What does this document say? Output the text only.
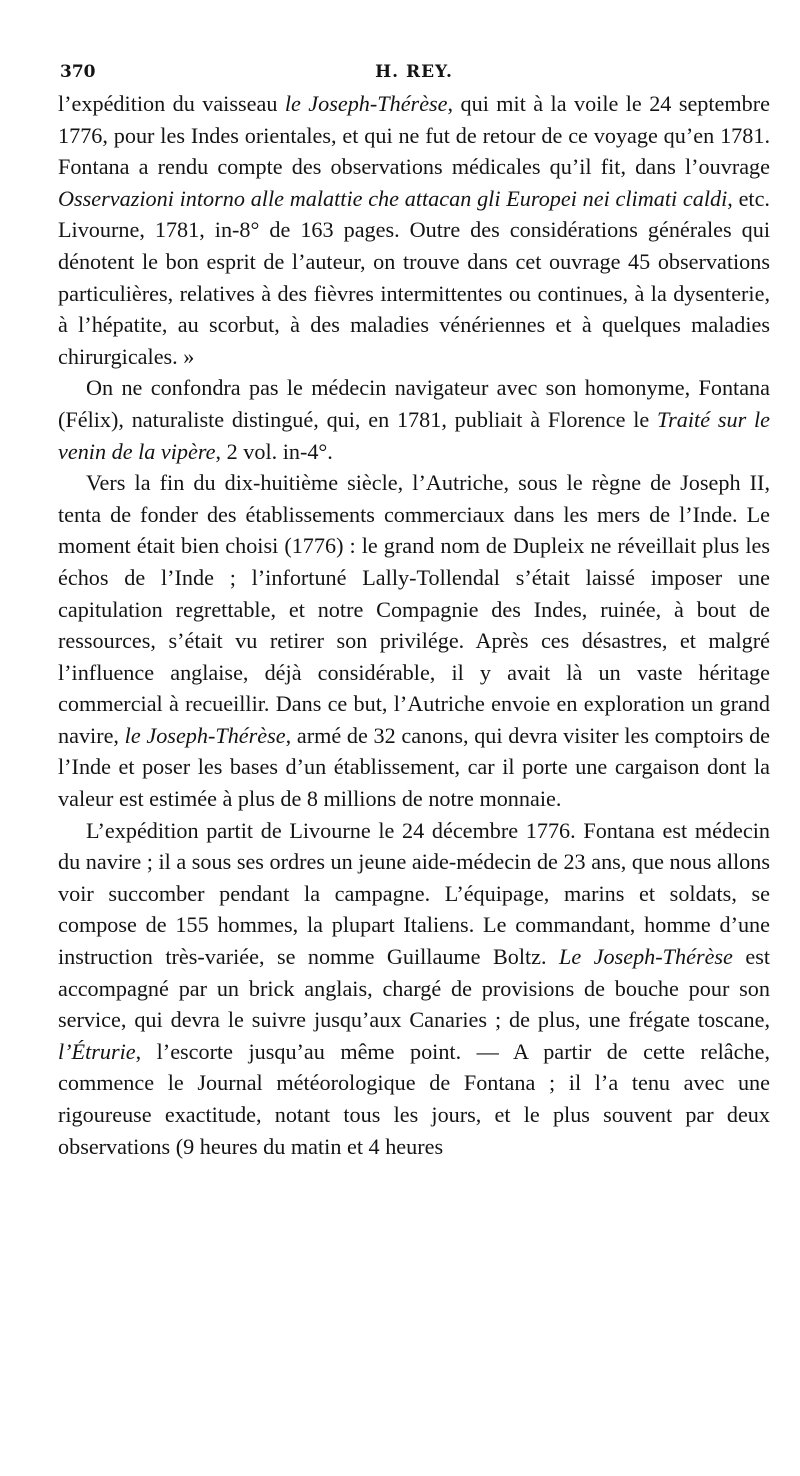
370	H. REY.

l’expédition du vaisseau le Joseph-Thérèse, qui mit à la voile le 24 septembre 1776, pour les Indes orientales, et qui ne fut de retour de ce voyage qu’en 1781. Fontana a rendu compte des observations médicales qu’il fit, dans l’ouvrage Osservazioni intorno alle malattie che attacan gli Europei nei climati caldi, etc. Livourne, 1781, in-8° de 163 pages. Outre des considérations générales qui dénotent le bon esprit de l’auteur, on trouve dans cet ouvrage 45 observations particulières, relatives à des fièvres intermittentes ou continues, à la dysenterie, à l’hépatite, au scorbut, à des maladies vénériennes et à quelques maladies chirurgicales. »

On ne confondra pas le médecin navigateur avec son homonyme, Fontana (Félix), naturaliste distingué, qui, en 1781, publiait à Florence le Traité sur le venin de la vipère, 2 vol. in-4°.

Vers la fin du dix-huitième siècle, l’Autriche, sous le règne de Joseph II, tenta de fonder des établissements commerciaux dans les mers de l’Inde. Le moment était bien choisi (1776) : le grand nom de Dupleix ne réveillait plus les échos de l’Inde ; l’infortuné Lally-Tollendal s’était laissé imposer une capitulation regrettable, et notre Compagnie des Indes, ruinée, à bout de ressources, s’était vu retirer son privilége. Après ces désastres, et malgré l’influence anglaise, déjà considérable, il y avait là un vaste héritage commercial à recueillir. Dans ce but, l’Autriche envoie en exploration un grand navire, le Joseph-Thérèse, armé de 32 canons, qui devra visiter les comptoirs de l’Inde et poser les bases d’un établissement, car il porte une cargaison dont la valeur est estimée à plus de 8 millions de notre monnaie.

L’expédition partit de Livourne le 24 décembre 1776. Fontana est médecin du navire ; il a sous ses ordres un jeune aide-médecin de 23 ans, que nous allons voir succomber pendant la campagne. L’équipage, marins et soldats, se compose de 155 hommes, la plupart Italiens. Le commandant, homme d’une instruction très-variée, se nomme Guillaume Boltz. Le Joseph-Thérèse est accompagné par un brick anglais, chargé de provisions de bouche pour son service, qui devra le suivre jusqu’aux Canaries ; de plus, une frégate toscane, l’Étrurie, l’escorte jusqu’au même point. — A partir de cette relâche, commence le Journal météorologique de Fontana ; il l’a tenu avec une rigoureuse exactitude, notant tous les jours, et le plus souvent par deux observations (9 heures du matin et 4 heures
